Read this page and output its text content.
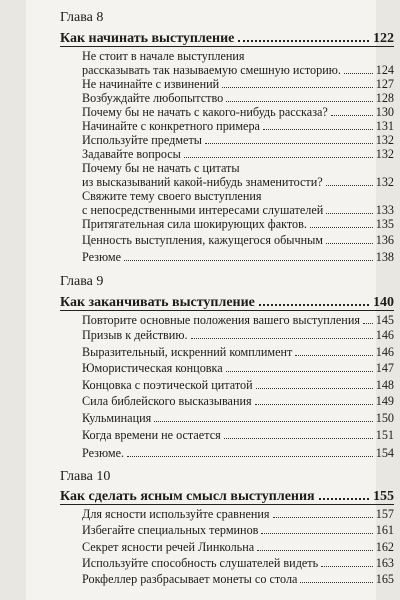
Глава 8
Как начинать выступление	122
Не стоит в начале выступления
рассказывать так называемую смешную историю.	124
Не начинайте с извинений	127
Возбуждайте любопытство	128
Почему бы не начать с какого-нибудь рассказа?	130
Начинайте с конкретного примера	131
Используйте предметы	132
Задавайте вопросы	132
Почему бы не начать с цитаты
из высказываний какой-нибудь знаменитости?	132
Свяжите тему своего выступления
с непосредственными интересами слушателей	133
Притягательная сила шокирующих фактов.	135
Ценность выступления, кажущегося обычным	136
Резюме	138
Глава 9
Как заканчивать выступление	140
Повторите основные положения вашего выступления 145
Призыв к действию.	146
Выразительный, искренний комплимент	146
Юмористическая концовка	147
Концовка с поэтической цитатой	148
Сила библейского высказывания	149
Кульминация	150
Когда времени не остается	151
Резюме.	154
Глава 10
Как сделать ясным смысл выступления	155
Для ясности используйте сравнения	157
Избегайте специальных терминов	161
Секрет ясности речей Линкольна	162
Используйте способность слушателей видеть	163
Рокфеллер разбрасывает монеты со стола	165
